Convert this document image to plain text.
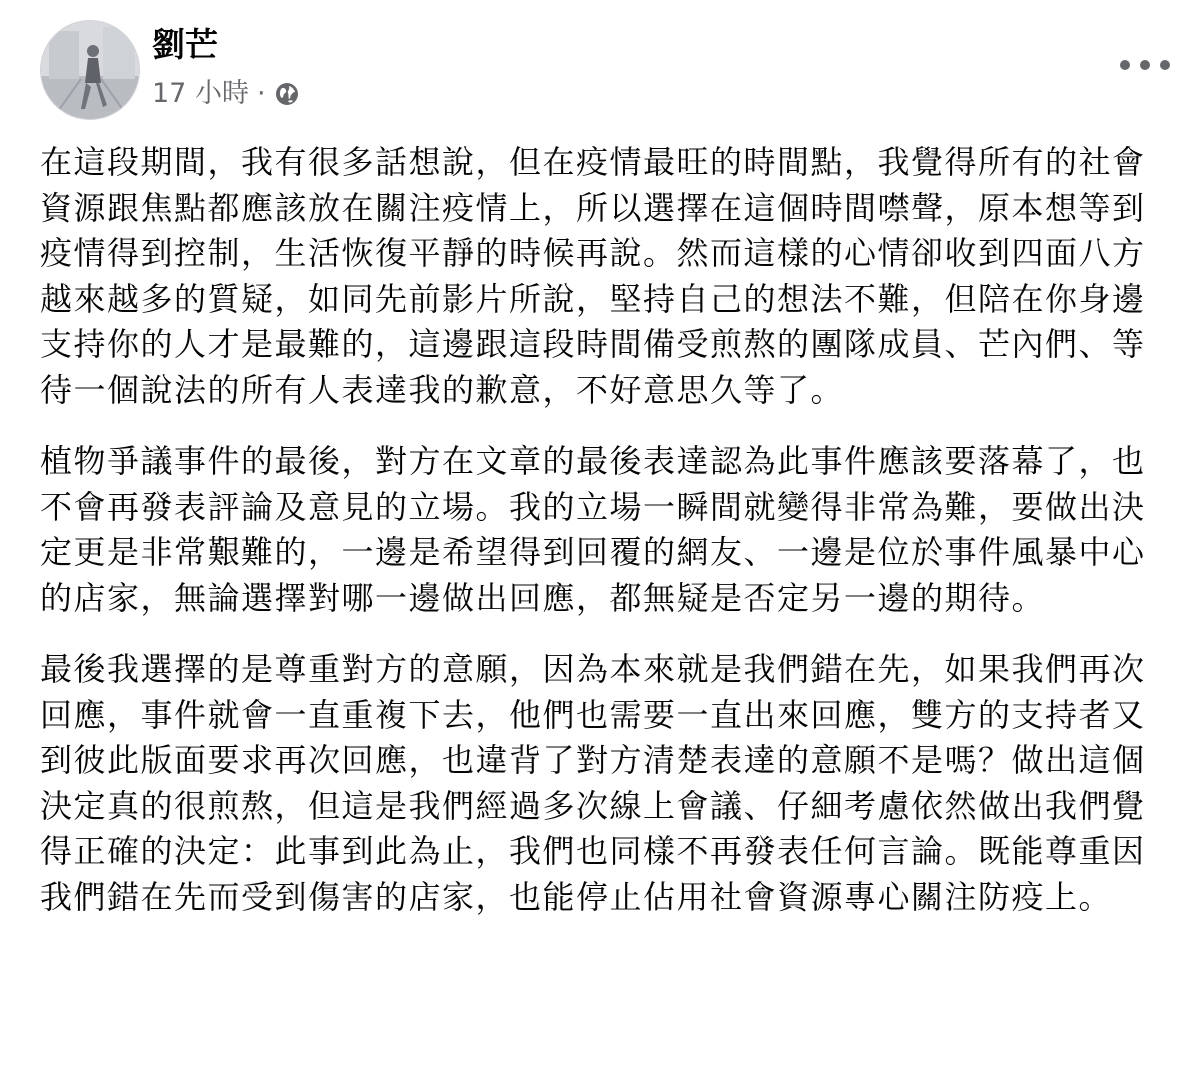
劉芒
17 小時 ·

在這段期間，我有很多話想說，但在疫情最旺的時間點，我覺得所有的社會資源跟焦點都應該放在關注疫情上，所以選擇在這個時間噤聲，原本想等到疫情得到控制，生活恢復平靜的時候再說。然而這樣的心情卻收到四面八方越來越多的質疑，如同先前影片所說，堅持自己的想法不難，但陪在你身邊支持你的人才是最難的，這邊跟這段時間備受煎熬的團隊成員、芒內們、等待一個說法的所有人表達我的歉意，不好意思久等了。

植物爭議事件的最後，對方在文章的最後表達認為此事件應該要落幕了，也不會再發表評論及意見的立場。我的立場一瞬間就變得非常為難，要做出決定更是非常艱難的，一邊是希望得到回覆的網友、一邊是位於事件風暴中心的店家，無論選擇對哪一邊做出回應，都無疑是否定另一邊的期待。

最後我選擇的是尊重對方的意願，因為本來就是我們錯在先，如果我們再次回應，事件就會一直重複下去，他們也需要一直出來回應，雙方的支持者又到彼此版面要求再次回應，也違背了對方清楚表達的意願不是嗎？做出這個決定真的很煎熬，但這是我們經過多次線上會議、仔細考慮依然做出我們覺得正確的決定：此事到此為止，我們也同樣不再發表任何言論。既能尊重因我們錯在先而受到傷害的店家，也能停止佔用社會資源專心關注防疫上。
